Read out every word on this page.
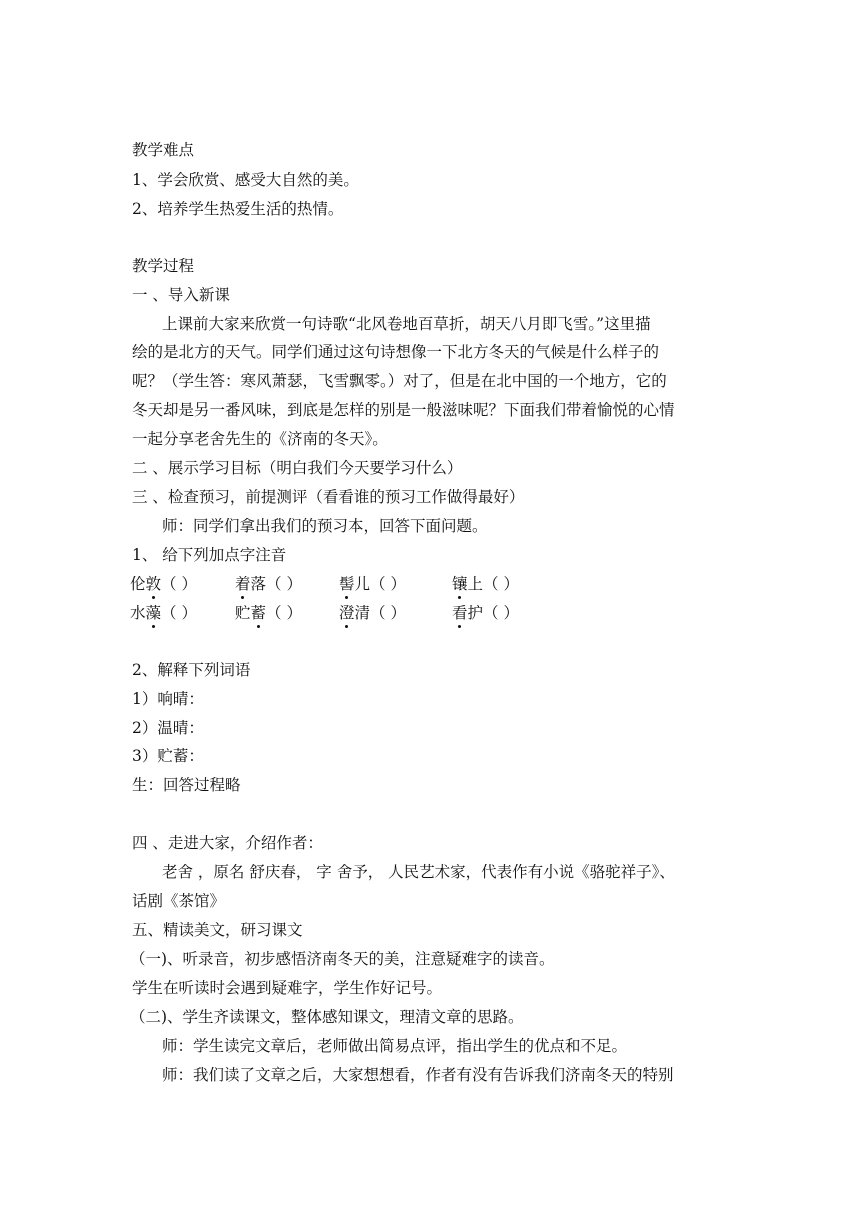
教学难点
1、学会欣赏、感受大自然的美。
2、培养学生热爱生活的热情。
教学过程
一 、导入新课
上课前大家来欣赏一句诗歌“北风卷地百草折，胡天八月即飞雪。”这里描
绘的是北方的天气。同学们通过这句诗想像一下北方冬天的气候是什么样子的
呢？（学生答：寒风萧瑟，飞雪飘零。）对了，但是在北中国的一个地方，它的
冬天却是另一番风味，到底是怎样的别是一般滋味呢？下面我们带着愉悦的心情
一起分享老舍先生的《济南的冬天》。
二 、展示学习目标（明白我们今天要学习什么）
三 、检查预习，前提测评（看看谁的预习工作做得最好）
师：同学们拿出我们的预习本，回答下面问题。
1、 给下列加点字注音
伦敦（ ） 着落（ ） 髻儿（ ）	镶上（ ）
水藻（ ） 贮蓄（ ） 澄清（ ）	看护（ ）
2、解释下列词语
1）响晴：
2）温晴：
3）贮蓄：
生：回答过程略
四 、走进大家，介绍作者：
老舍 ，原名 舒庆春， 字 舍予， 人民艺术家，代表作有小说《骆驼祥子》、
话剧《茶馆》
五、精读美文，研习课文
（一)、听录音，初步感悟济南冬天的美，注意疑难字的读音。
学生在听读时会遇到疑难字，学生作好记号。
（二)、学生齐读课文，整体感知课文，理清文章的思路。
师：学生读完文章后，老师做出简易点评，指出学生的优点和不足。
师：我们读了文章之后，大家想想看，作者有没有告诉我们济南冬天的特别
